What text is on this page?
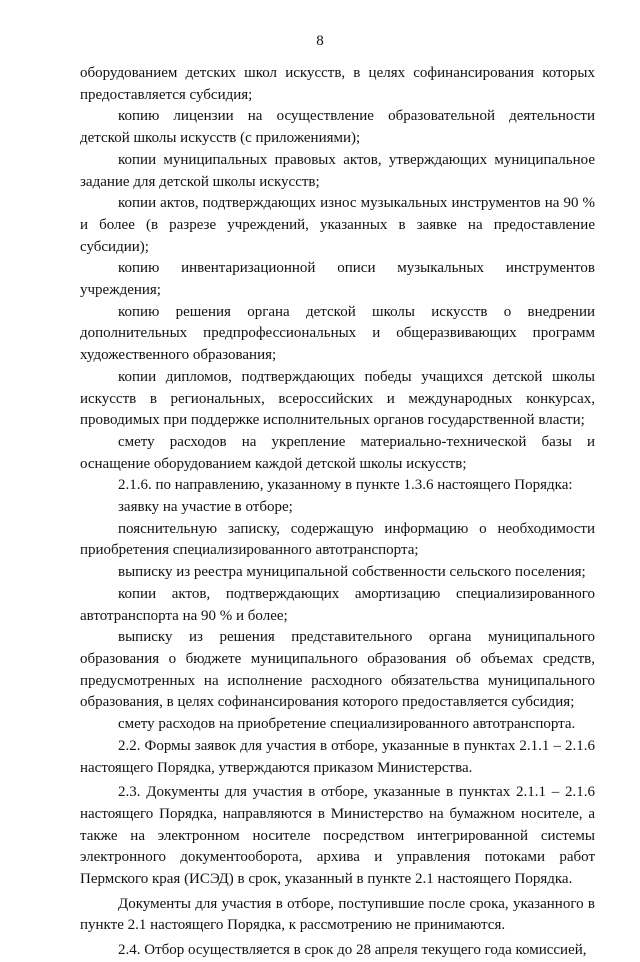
8

оборудованием детских школ искусств, в целях софинансирования которых предоставляется субсидия;

копию лицензии на осуществление образовательной деятельности детской школы искусств (с приложениями);

копии муниципальных правовых актов, утверждающих муниципальное задание для детской школы искусств;

копии актов, подтверждающих износ музыкальных инструментов на 90 % и более (в разрезе учреждений, указанных в заявке на предоставление субсидии);

копию инвентаризационной описи музыкальных инструментов учреждения;

копию решения органа детской школы искусств о внедрении дополнительных предпрофессиональных и общеразвивающих программ художественного образования;

копии дипломов, подтверждающих победы учащихся детской школы искусств в региональных, всероссийских и международных конкурсах, проводимых при поддержке исполнительных органов государственной власти;

смету расходов на укрепление материально-технической базы и оснащение оборудованием каждой детской школы искусств;

2.1.6. по направлению, указанному в пункте 1.3.6 настоящего Порядка:

заявку на участие в отборе;

пояснительную записку, содержащую информацию о необходимости приобретения специализированного автотранспорта;

выписку из реестра муниципальной собственности сельского поселения;

копии актов, подтверждающих амортизацию специализированного автотранспорта на 90 % и более;

выписку из решения представительного органа муниципального образования о бюджете муниципального образования об объемах средств, предусмотренных на исполнение расходного обязательства муниципального образования, в целях софинансирования которого предоставляется субсидия;

смету расходов на приобретение специализированного автотранспорта.

2.2. Формы заявок для участия в отборе, указанные в пунктах 2.1.1 – 2.1.6 настоящего Порядка, утверждаются приказом Министерства.

2.3. Документы для участия в отборе, указанные в пунктах 2.1.1 – 2.1.6 настоящего Порядка, направляются в Министерство на бумажном носителе, а также на электронном носителе посредством интегрированной системы электронного документооборота, архива и управления потоками работ Пермского края (ИСЭД) в срок, указанный в пункте 2.1 настоящего Порядка.

Документы для участия в отборе, поступившие после срока, указанного в пункте 2.1 настоящего Порядка, к рассмотрению не принимаются.

2.4. Отбор осуществляется в срок до 28 апреля текущего года комиссией,
